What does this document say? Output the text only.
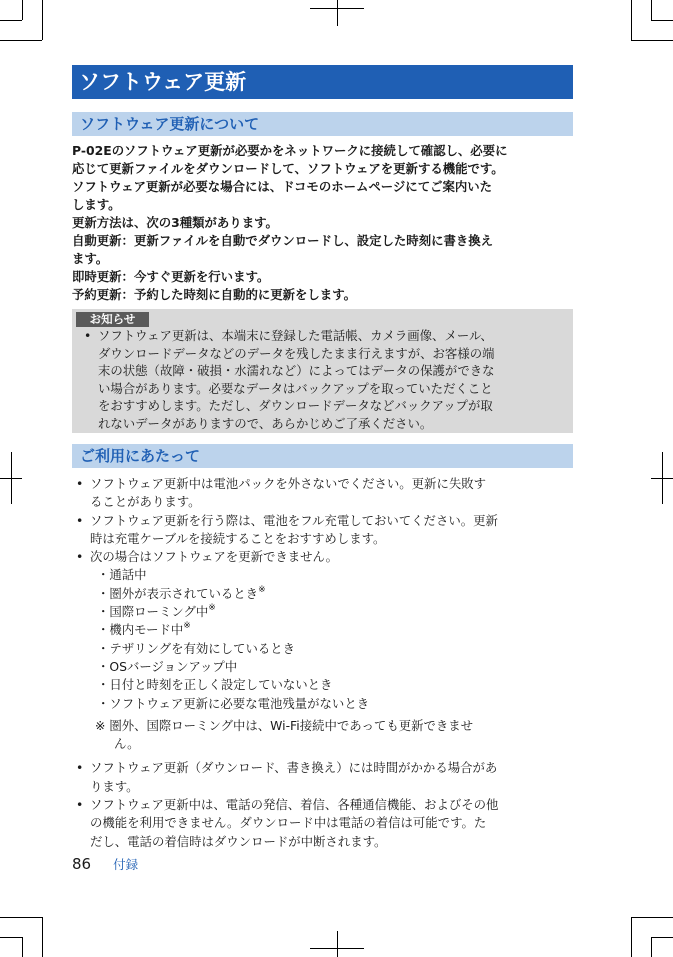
ソフトウェア更新
ソフトウェア更新について

P-02Eのソフトウェア更新が必要かをネットワークに接続して確認し、必要に

応じて更新ファイルをダウンロードして、ソフトウェアを更新する機能です。

ソフトウェア更新が必要な場合には、ドコモのホームページにてご案内いた

します。

更新方法は、次の3種類があります。

自動更新：更新ファイルを自動でダウンロードし、設定した時刻に書き換え

ます。

即時更新：今すぐ更新を行います。

予約更新：予約した時刻に自動的に更新をします。

お知らせ

• ソフトウェア更新は、本端末に登録した電話帳、カメラ画像、メール、

ダウンロードデータなどのデータを残したまま行えますが、お客様の端

末の状態（故障・破損・水濡れなど）によってはデータの保護ができな

い場合があります。必要なデータはバックアップを取っていただくこと

をおすすめします。ただし、ダウンロードデータなどバックアップが取

れないデータがありますので、あらかじめご了承ください。

ご利用にあたって

• ソフトウェア更新中は電池パックを外さないでください。更新に失敗す

ることがあります。

• ソフトウェア更新を行う際は、電池をフル充電しておいてください。更新

時は充電ケーブルを接続することをおすすめします。

• 次の場合はソフトウェアを更新できません。

・通話中

・圏外が表示されているとき※

・国際ローミング中※

・機内モード中※

・テザリングを有効にしているとき

・OSバージョンアップ中

・日付と時刻を正しく設定していないとき

・ソフトウェア更新に必要な電池残量がないとき

※ 圏外、国際ローミング中は、Wi-Fi接続中であっても更新できませ

ん。

• ソフトウェア更新（ダウンロード、書き換え）には時間がかかる場合があ

ります。

• ソフトウェア更新中は、電話の発信、着信、各種通信機能、およびその他

の機能を利用できません。ダウンロード中は電話の着信は可能です。た

だし、電話の着信時はダウンロードが中断されます。

86 付録
